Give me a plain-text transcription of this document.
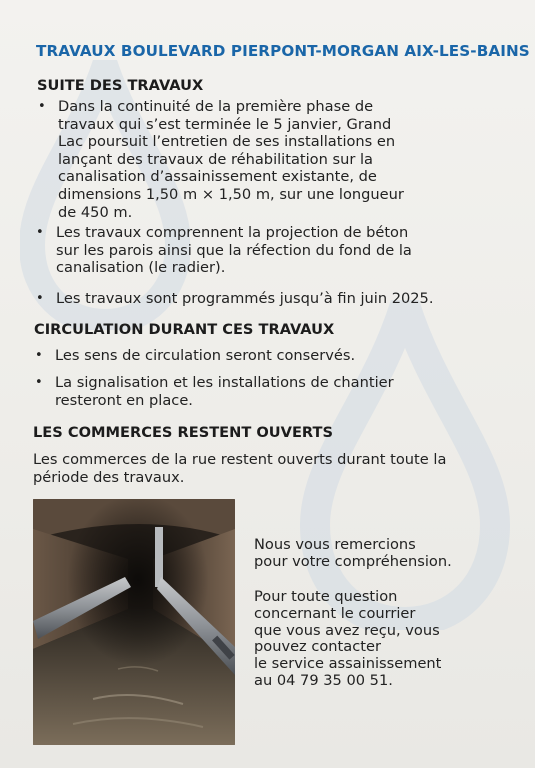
TRAVAUX BOULEVARD PIERPONT-MORGAN AIX-LES-BAINS
SUITE DES TRAVAUX
• Dans la continuité de la première phase de
travaux qui s’est terminée le 5 janvier, Grand
Lac poursuit l’entretien de ses installations en
lançant des travaux de réhabilitation sur la
canalisation d’assainissement existante, de
dimensions 1,50 m × 1,50 m, sur une longueur
de 450 m.
• Les travaux comprennent la projection de béton
sur les parois ainsi que la réfection du fond de la
canalisation (le radier).
• Les travaux sont programmés jusqu’à fin juin 2025.
CIRCULATION DURANT CES TRAVAUX
• Les sens de circulation seront conservés.
• La signalisation et les installations de chantier
resteront en place.
LES COMMERCES RESTENT OUVERTS
Les commerces de la rue restent ouverts durant toute la
période des travaux.
Nous vous remercions
pour votre compréhension.
Pour toute question
concernant le courrier
que vous avez reçu, vous
pouvez contacter
le service assainissement
au 04 79 35 00 51.
